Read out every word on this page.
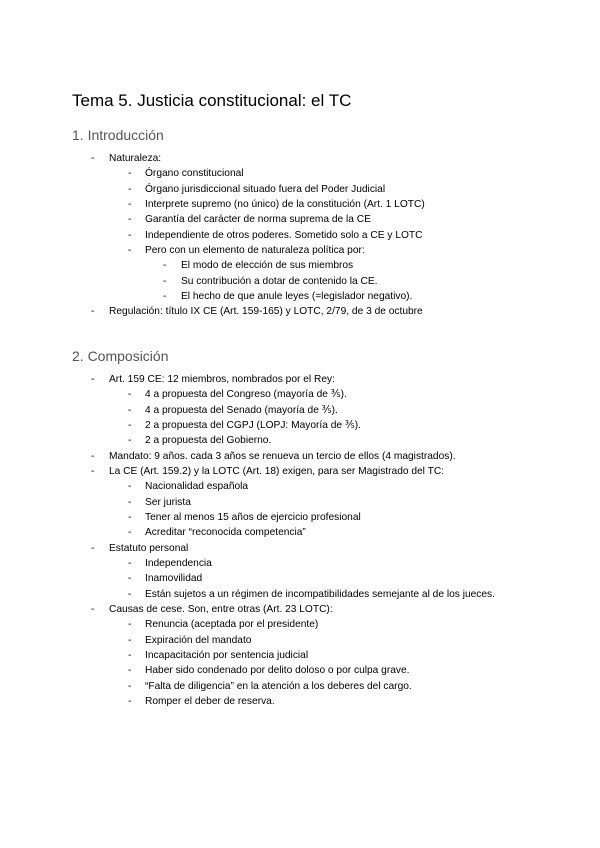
Tema 5. Justicia constitucional: el TC
1. Introducción
- Naturaleza:
- Órgano constitucional
- Órgano jurisdiccional situado fuera del Poder Judicial
- Interprete supremo (no único) de la constitución (Art. 1 LOTC)
- Garantía del carácter de norma suprema de la CE
- Independiente de otros poderes. Sometido solo a CE y LOTC
- Pero con un elemento de naturaleza política por:
- El modo de elección de sus miembros
- Su contribución a dotar de contenido la CE.
- El hecho de que anule leyes (=legislador negativo).
- Regulación: título IX CE (Art. 159-165) y LOTC, 2/79, de 3 de octubre
2. Composición
- Art. 159 CE: 12 miembros, nombrados por el Rey:
- 4 a propuesta del Congreso (mayoría de ⅗).
- 4 a propuesta del Senado (mayoría de ⅗).
- 2 a propuesta del CGPJ (LOPJ: Mayoría de ⅗).
- 2 a propuesta del Gobierno.
- Mandato: 9 años. cada 3 años se renueva un tercio de ellos (4 magistrados).
- La CE (Art. 159.2) y la LOTC (Art. 18) exigen, para ser Magistrado del TC:
- Nacionalidad española
- Ser jurista
- Tener al menos 15 años de ejercicio profesional
- Acreditar “reconocida competencia”
- Estatuto personal
- Independencia
- Inamovilidad
- Están sujetos a un régimen de incompatibilidades semejante al de los jueces.
- Causas de cese. Son, entre otras (Art. 23 LOTC):
- Renuncia (aceptada por el presidente)
- Expiración del mandato
- Incapacitación por sentencia judicial
- Haber sido condenado por delito doloso o por culpa grave.
- “Falta de diligencia” en la atención a los deberes del cargo.
- Romper el deber de reserva.
